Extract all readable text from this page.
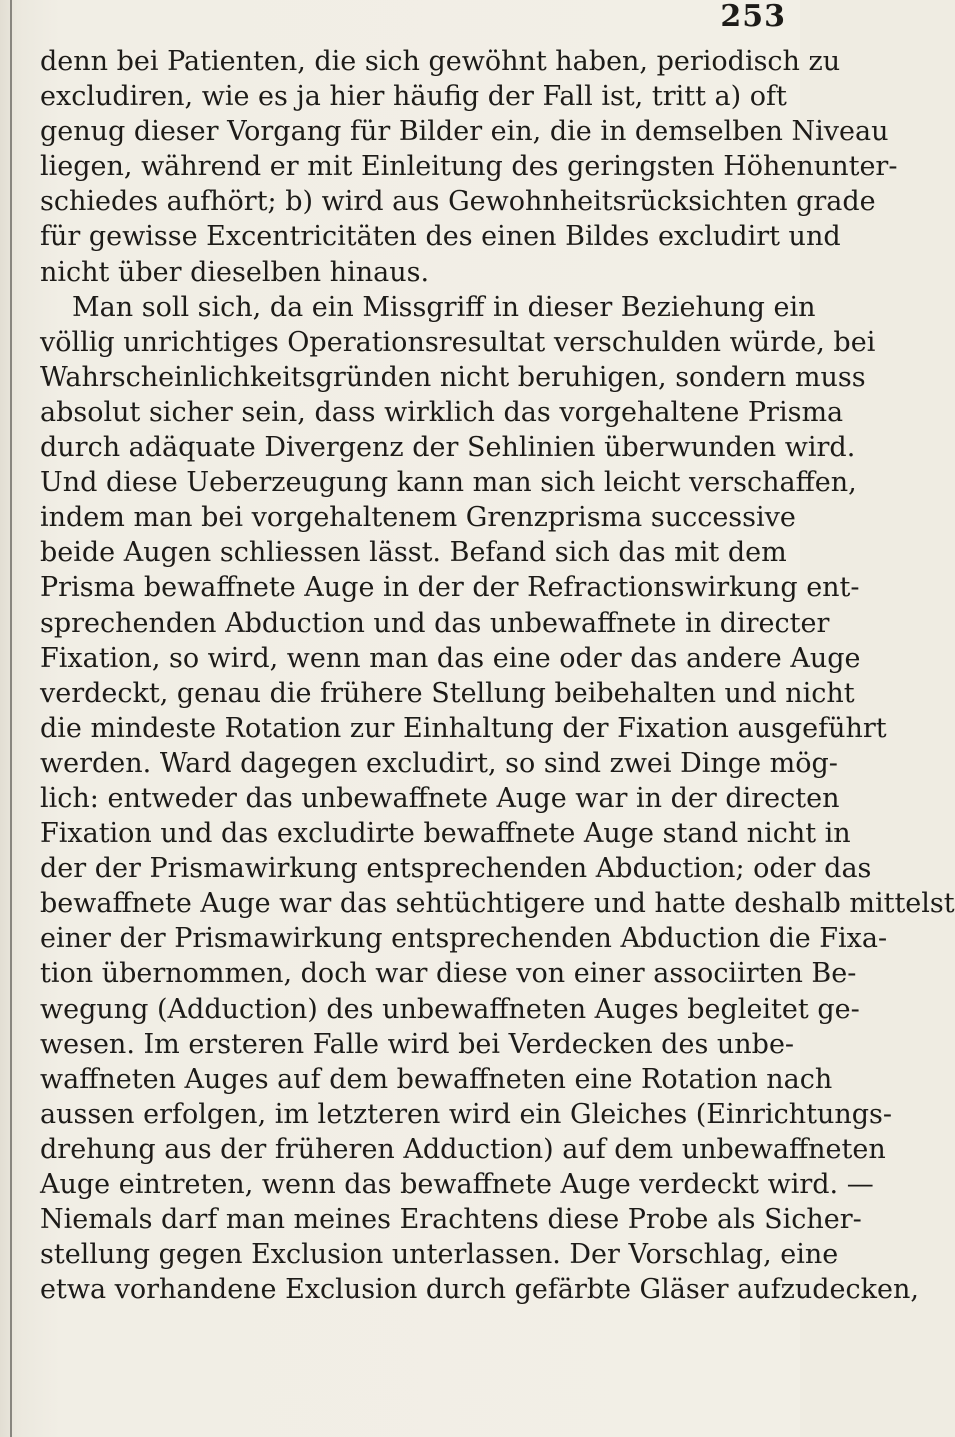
253

denn bei Patienten, die sich gewöhnt haben, periodisch zu
excludiren, wie es ja hier häufig der Fall ist, tritt a) oft
genug dieser Vorgang für Bilder ein, die in demselben Niveau
liegen, während er mit Einleitung des geringsten Höhenunter-
schiedes aufhört; b) wird aus Gewohnheitsrücksichten grade
für gewisse Excentricitäten des einen Bildes excludirt und
nicht über dieselben hinaus.

Man soll sich, da ein Missgriff in dieser Beziehung ein
völlig unrichtiges Operationsresultat verschulden würde, bei
Wahrscheinlichkeitsgründen nicht beruhigen, sondern muss
absolut sicher sein, dass wirklich das vorgehaltene Prisma
durch adäquate Divergenz der Sehlinien überwunden wird.
Und diese Ueberzeugung kann man sich leicht verschaffen,
indem man bei vorgehaltenem Grenzprisma successive
beide Augen schliessen lässt. Befand sich das mit dem
Prisma bewaffnete Auge in der der Refractionswirkung ent-
sprechenden Abduction und das unbewaffnete in directer
Fixation, so wird, wenn man das eine oder das andere Auge
verdeckt, genau die frühere Stellung beibehalten und nicht
die mindeste Rotation zur Einhaltung der Fixation ausgeführt
werden. Ward dagegen excludirt, so sind zwei Dinge mög-
lich: entweder das unbewaffnete Auge war in der directen
Fixation und das excludirte bewaffnete Auge stand nicht in
der der Prismawirkung entsprechenden Abduction; oder das
bewaffnete Auge war das sehtüchtigere und hatte deshalb mittelst
einer der Prismawirkung entsprechenden Abduction die Fixa-
tion übernommen, doch war diese von einer associirten Be-
wegung (Adduction) des unbewaffneten Auges begleitet ge-
wesen. Im ersteren Falle wird bei Verdecken des unbe-
waffneten Auges auf dem bewaffneten eine Rotation nach
aussen erfolgen, im letzteren wird ein Gleiches (Einrichtungs-
drehung aus der früheren Adduction) auf dem unbewaffneten
Auge eintreten, wenn das bewaffnete Auge verdeckt wird. —
Niemals darf man meines Erachtens diese Probe als Sicher-
stellung gegen Exclusion unterlassen. Der Vorschlag, eine
etwa vorhandene Exclusion durch gefärbte Gläser aufzudecken,
